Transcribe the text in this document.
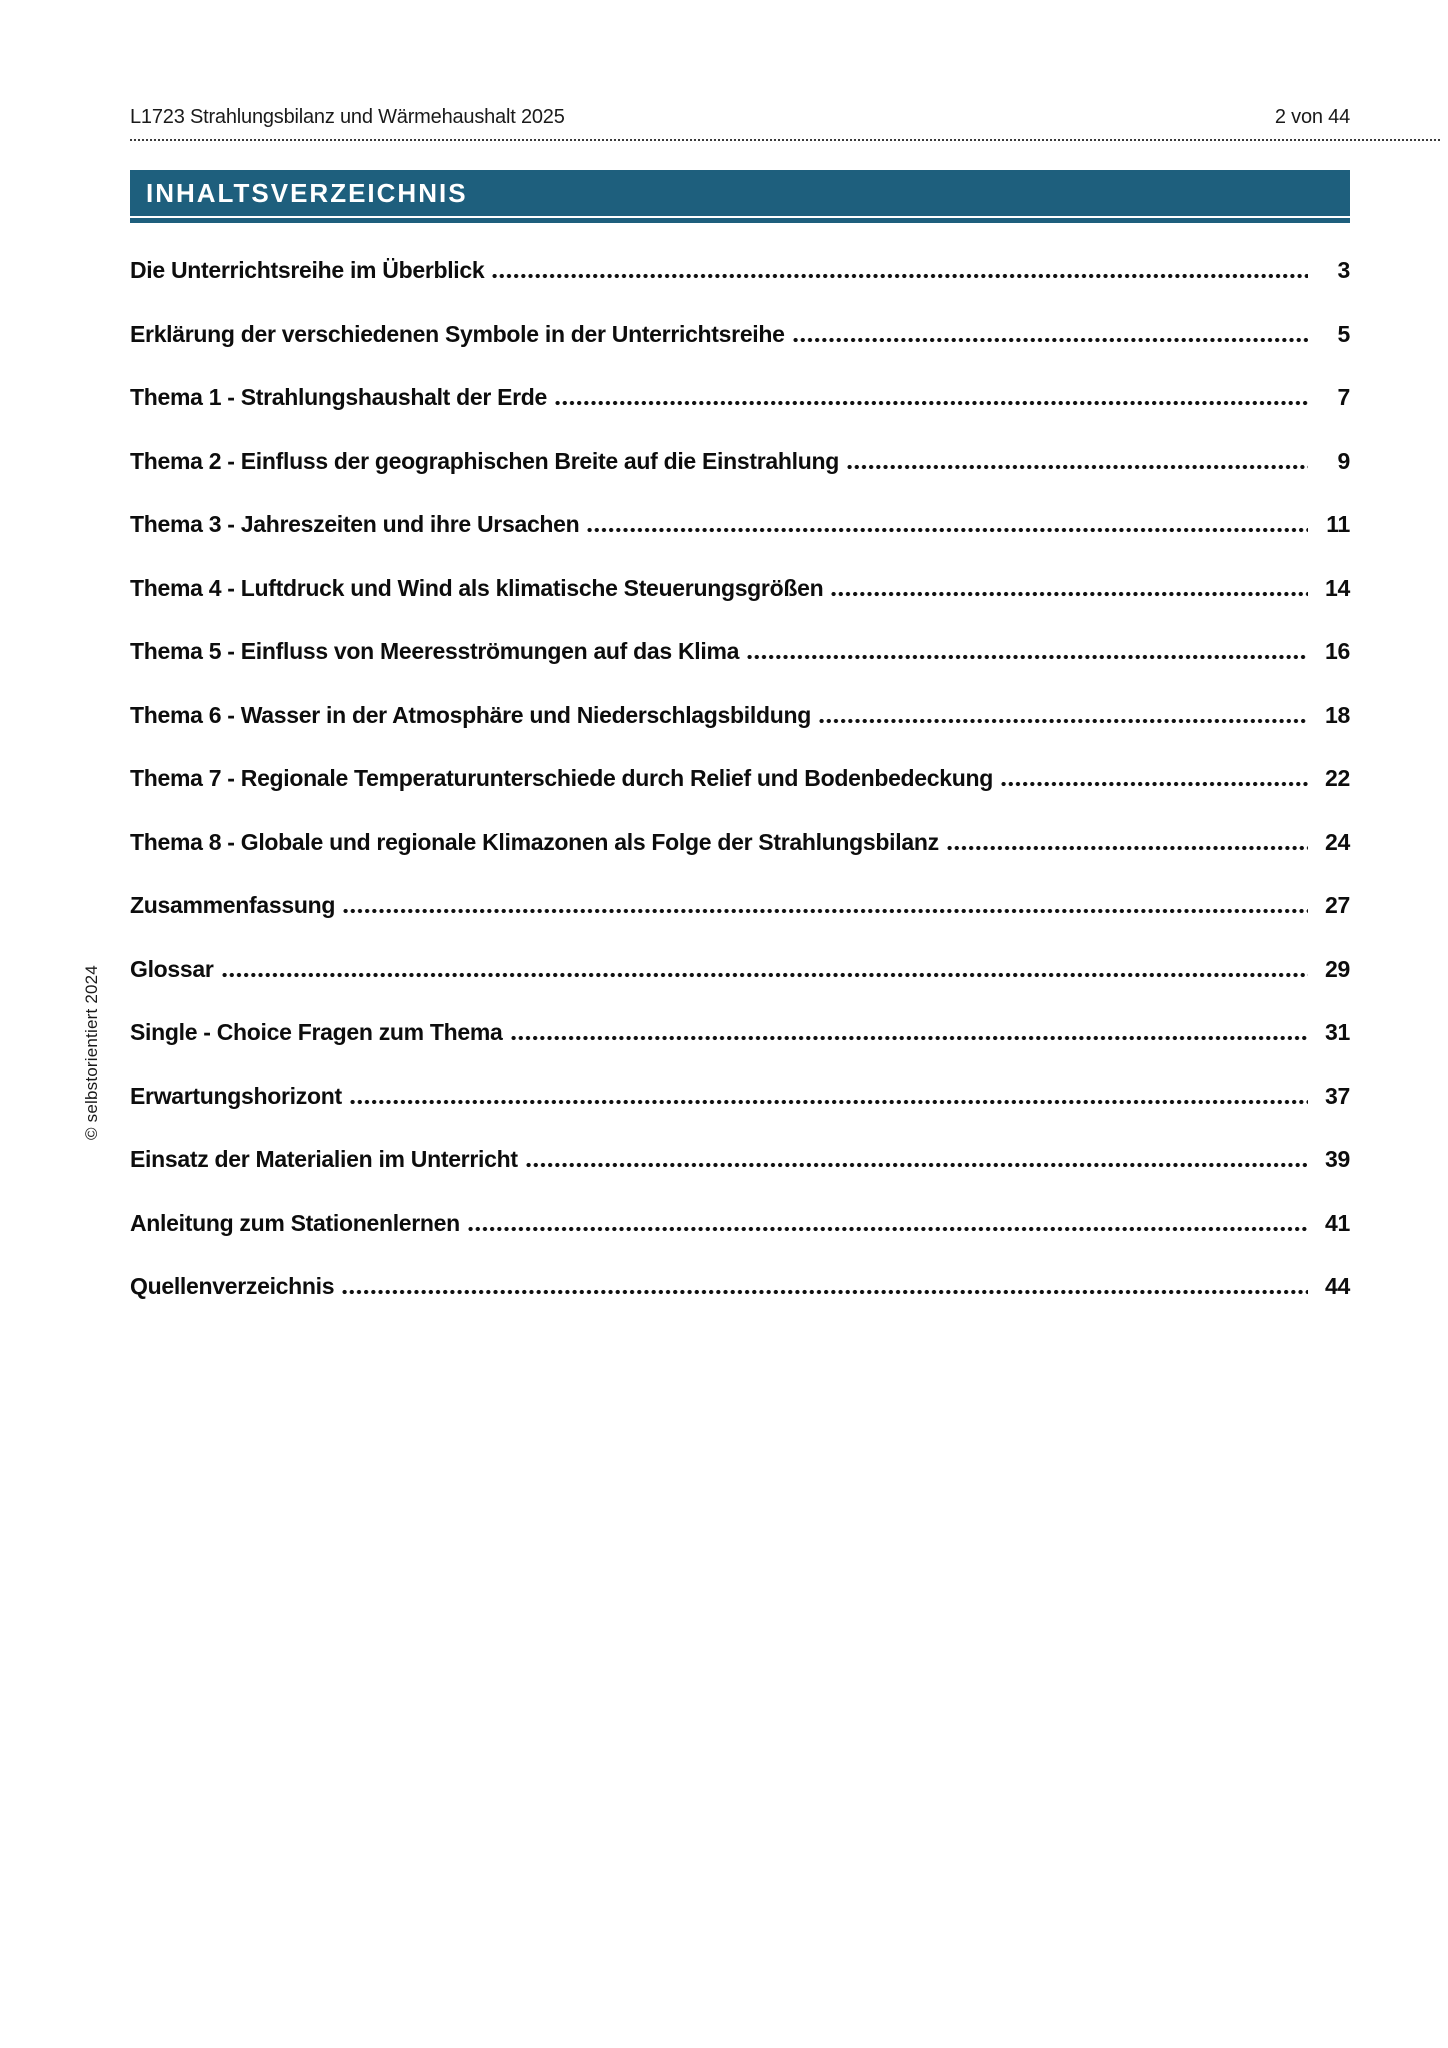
© selbstorientiert 2024
L1723 Strahlungsbilanz und Wärmehaushalt 2025	2 von 44
INHALTSVERZEICHNIS
Die Unterrichtsreihe im Überblick	3
Erklärung der verschiedenen Symbole in der Unterrichtsreihe	5
Thema 1 - Strahlungshaushalt der Erde	7
Thema 2 - Einfluss der geographischen Breite auf die Einstrahlung	9
Thema 3 - Jahreszeiten und ihre Ursachen	11
Thema 4 - Luftdruck und Wind als klimatische Steuerungsgrößen	14
Thema 5 - Einfluss von Meeresströmungen auf das Klima	16
Thema 6 - Wasser in der Atmosphäre und Niederschlagsbildung	18
Thema 7 - Regionale Temperaturunterschiede durch Relief und Bodenbedeckung	22
Thema 8 - Globale und regionale Klimazonen als Folge der Strahlungsbilanz	24
Zusammenfassung	27
Glossar	29
Single - Choice Fragen zum Thema	31
Erwartungshorizont	37
Einsatz der Materialien im Unterricht	39
Anleitung zum Stationenlernen	41
Quellenverzeichnis	44
